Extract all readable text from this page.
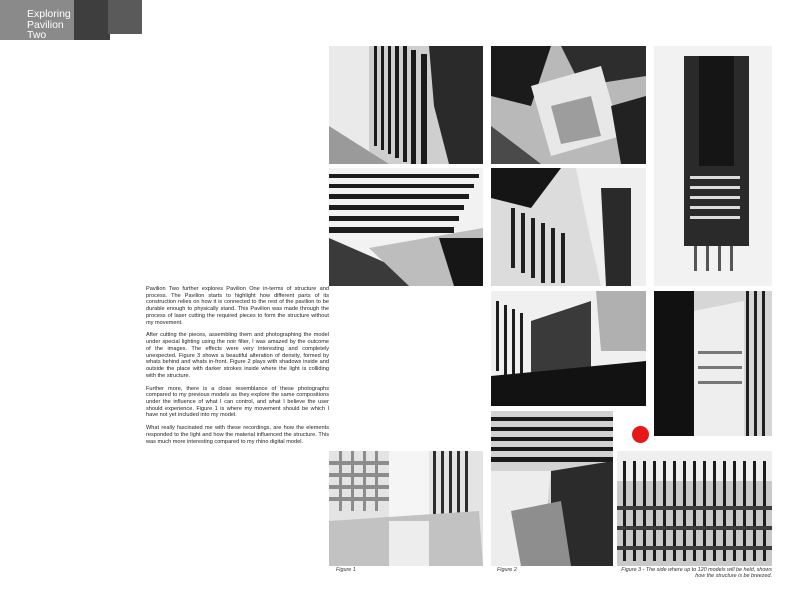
Exploring
Pavilion
Two

Pavilion Two further explores Pavilion One in-terms of structure and process. The Pavilion starts to highlight how different parts of its construction relies on how it is connected to the rest of the pavilion to be durable enough to physically stand. This Pavilion was made through the process of laser cutting the required pieces to form the structure without my movement.

After cutting the pieces, assembling them and photographing the model under special lighting using the noir filter, I was amazed by the outcome of the images. The effects were very interesting and completely unexpected. Figure 3 shows a beautiful alteration of density, formed by whats behind and whats in-front. Figure 2 plays with shadows inside and outside the place with darker strokes inside where the light is colliding with the structure.

Further more, there is a close resemblance of these photographs compared to my previous models as they explore the same compositions under the influence of what I can control, and what I believe the user should experience. Figure 1 is where my movement should be which I have not yet included into my model.

What really fascinated me with these recordings, are how the elements responded to the light and how the material influenced the structure. This was much more interesting compared to my rhino digital model.

Figure 1	Figure 2	Figure 3 - The side where up to 120 models will be held, shows how the structure is be breezed.
